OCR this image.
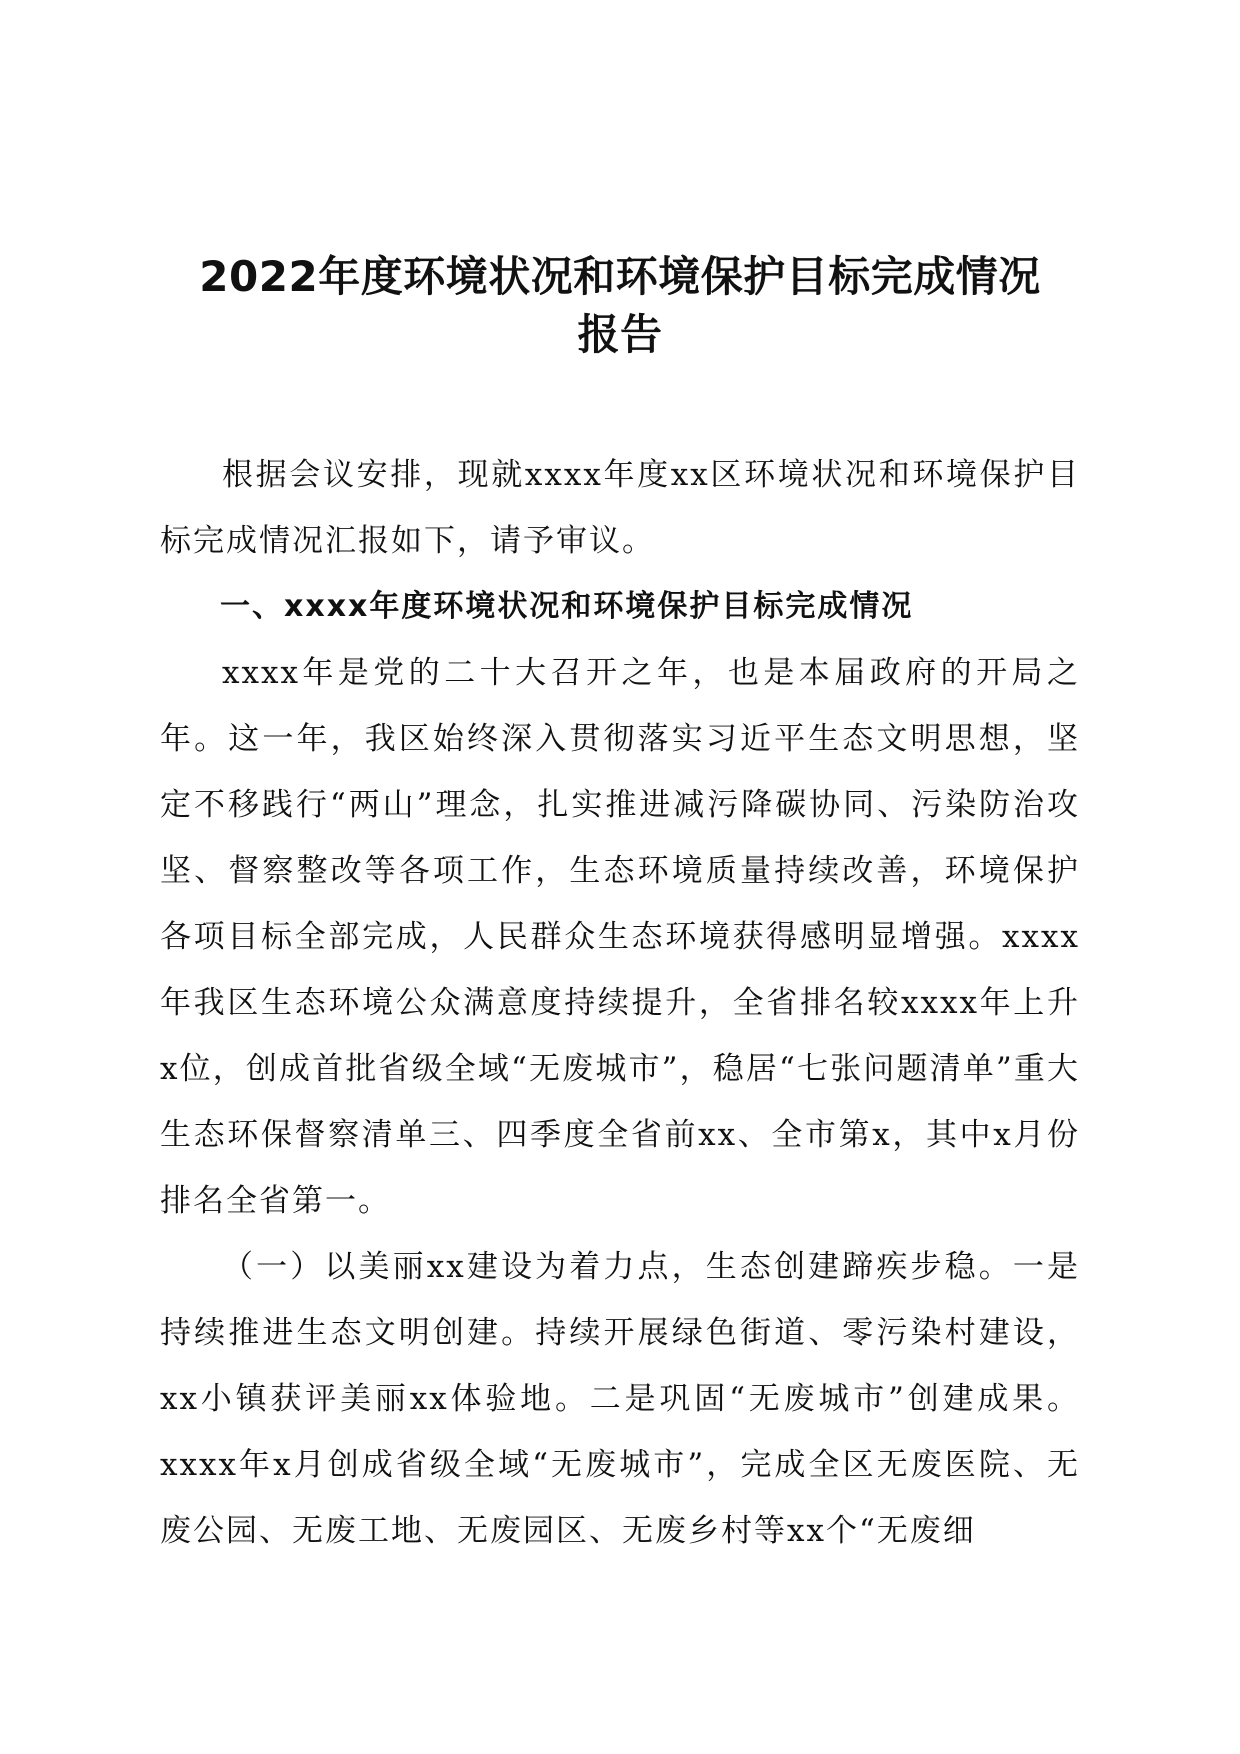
2022年度环境状况和环境保护目标完成情况
报告

根据会议安排，现就xxxx年度xx区环境状况和环境保护目标完成情况汇报如下，请予审议。

一、xxxx年度环境状况和环境保护目标完成情况

xxxx年是党的二十大召开之年，也是本届政府的开局之年。这一年，我区始终深入贯彻落实习近平生态文明思想，坚定不移践行“两山”理念，扎实推进减污降碳协同、污染防治攻坚、督察整改等各项工作，生态环境质量持续改善，环境保护各项目标全部完成，人民群众生态环境获得感明显增强。xxxx年我区生态环境公众满意度持续提升，全省排名较xxxx年上升x位，创成首批省级全域“无废城市”，稳居“七张问题清单”重大生态环保督察清单三、四季度全省前xx、全市第x，其中x月份排名全省第一。

（一）以美丽xx建设为着力点，生态创建蹄疾步稳。一是持续推进生态文明创建。持续开展绿色街道、零污染村建设，xx小镇获评美丽xx体验地。二是巩固“无废城市”创建成果。xxxx年x月创成省级全域“无废城市”，完成全区无废医院、无废公园、无废工地、无废园区、无废乡村等xx个“无废细
